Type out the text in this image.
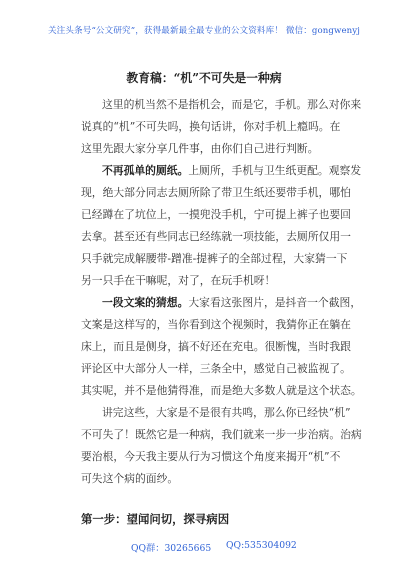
关注头条号“公文研究”，获得最新最全最专业的公文资料库！ 微信：gongwenyj
教育稿：“机”不可失是一种病
这里的机当然不是指机会，而是它，手机。那么对你来
说真的“机”不可失吗，换句话讲，你对手机上瘾吗。在
这里先跟大家分享几件事，由你们自己进行判断。
不再孤单的厕纸。上厕所，手机与卫生纸更配。观察发
现，绝大部分同志去厕所除了带卫生纸还要带手机，哪怕
已经蹲在了坑位上，一摸兜没手机，宁可提上裤子也要回
去拿。甚至还有些同志已经练就一项技能，去厕所仅用一
只手就完成解腰带-蹭准-提裤子的全部过程，大家猜一下
另一只手在干嘛呢，对了，在玩手机呀！
一段文案的猜想。大家看这张图片，是抖音一个截图，
文案是这样写的，当你看到这个视频时，我猜你正在躺在
床上，而且是侧身，搞不好还在充电。很断愧，当时我跟
评论区中大部分人一样，三条全中，感觉自己被监视了。
其实呢，并不是他猜得准，而是绝大多数人就是这个状态。
讲完这些，大家是不是很有共鸣，那么你已经快“机”
不可失了！既然它是一种病，我们就来一步一步治病。治病
要治根，今天我主要从行为习惯这个角度来揭开“机”不
可失这个病的面纱。
第一步：望闻问切，探寻病因
QQ群：30265665 QQ:535304092
